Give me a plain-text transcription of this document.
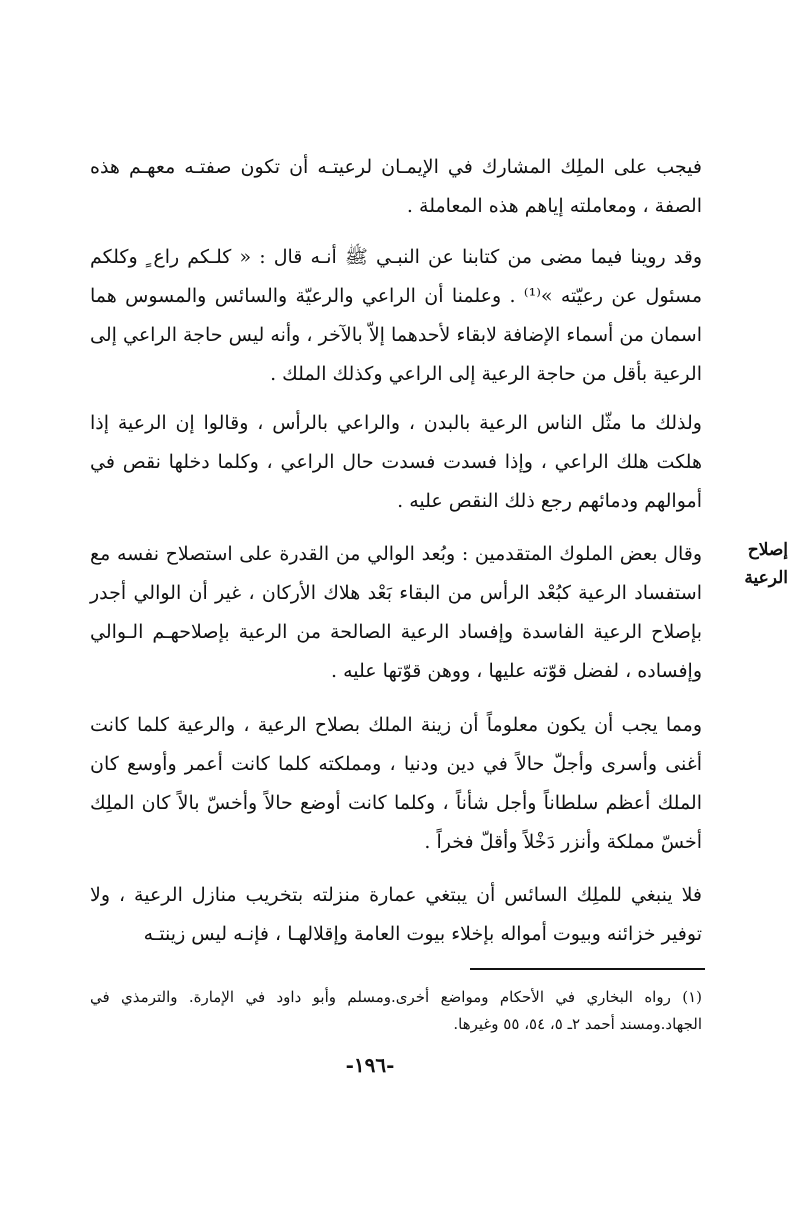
فيجب على الملِك المشارك في الإيمـان لرعيتـه أن تكون صفتـه معهـم هذه الصفة ، ومعاملته إياهم هذه المعاملة .

وقد روينا فيما مضى من كتابنا عن النبـي ﷺ أنـه قال : « كلـكم راع ٍ وكلكم مسئول عن رعيّته »⁽¹⁾ . وعلمنا أن الراعي والرعيّة والسائس والمسوس هما اسمان من أسماء الإضافة لابقاء لأحدهما إلاّ بالآخر ، وأنه ليس حاجة الراعي إلى الرعية بأقل من حاجة الرعية إلى الراعي وكذلك الملك .

ولذلك ما مثّل الناس الرعية بالبدن ، والراعي بالرأس ، وقالوا إن الرعية إذا هلكت هلك الراعي ، وإذا فسدت فسدت حال الراعي ، وكلما دخلها نقص في أموالهم ودمائهم رجع ذلك النقص عليه .

إصلاح الرعية

وقال بعض الملوك المتقدمين : وبُعد الوالي من القدرة على استصلاح نفسه مع استفساد الرعية كبُعْد الرأس من البقاء بَعْد هلاك الأركان ، غير أن الوالي أجدر بإصلاح الرعية الفاسدة وإفساد الرعية الصالحة من الرعية بإصلاحهـم الـوالي وإفساده ، لفضل قوّته عليها ، ووهن قوّتها عليه .

ومما يجب أن يكون معلوماً أن زينة الملك بصلاح الرعية ، والرعية كلما كانت أغنى وأسرى وأجلّ حالاً في دين ودنيا ، ومملكته كلما كانت أعمر وأوسع كان الملك أعظم سلطاناً وأجل شأناً ، وكلما كانت أوضع حالاً وأخسّ بالاً كان الملِك أخسّ مملكة وأنزر دَخْلاً وأقلّ فخراً .

فلا ينبغي للملِك السائس أن يبتغي عمارة منزلته بتخريب منازل الرعية ، ولا توفير خزائنه وبيوت أمواله بإخلاء بيوت العامة وإقلالهـا ، فإنـه ليس زينتـه

(١) رواه البخاري في الأحكام ومواضع أخرى.ومسلم وأبو داود في الإمارة. والترمذي في الجهاد.ومسند أحمد ٢ـ ٥، ٥٤، ٥٥ وغيرها.

-١٩٦-
